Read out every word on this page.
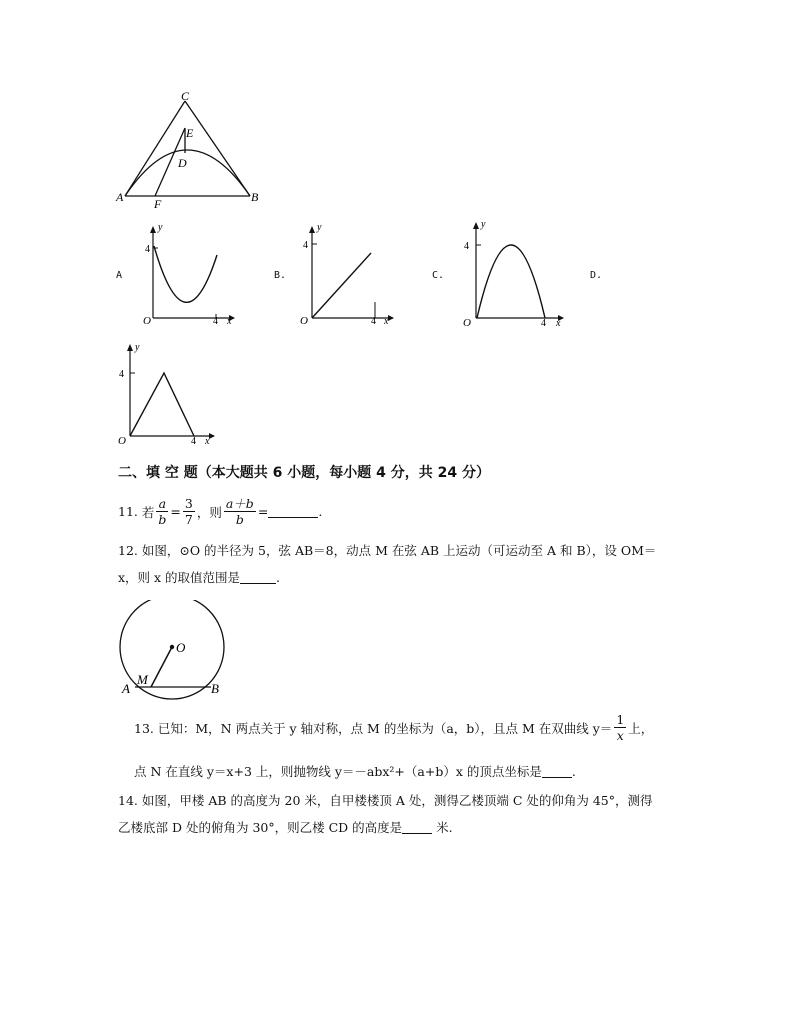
C
E
D
A	F	B
A
4
y
O	4 x
B.
4
y
O	4 x
C.
4
y
O	4 x
D.
4
y
O	4 x
二、填 空 题（本大题共 6 小题，每小题 4 分，共 24 分）
11.
若 $\frac{a}{b} = \frac{3}{7}$ ，则 $\frac{a+b}{b}$ =	.
12. 如图，⊙O 的半径为 5，弦 AB＝8，动点 M 在弦 AB 上运动（可运动至 A 和 B），设 OM＝
x，则 x 的取值范围是	.
O
M
A	B
13. 已知：M，N 两点关于 y 轴对称，点 M 的坐标为（a，b），且点 M 在双曲线 $y= \frac{1}{x}$ 上，
点 N 在直线 y＝x+3 上，则抛物线 y＝－abx²+（a+b）x 的顶点坐标是 .
14. 如图，甲楼 AB 的高度为 20 米，自甲楼楼顶 A 处，测得乙楼顶端 C 处的仰角为 45°，测得
乙楼底部 D 处的俯角为 30°，则乙楼 CD 的高度是	米.
